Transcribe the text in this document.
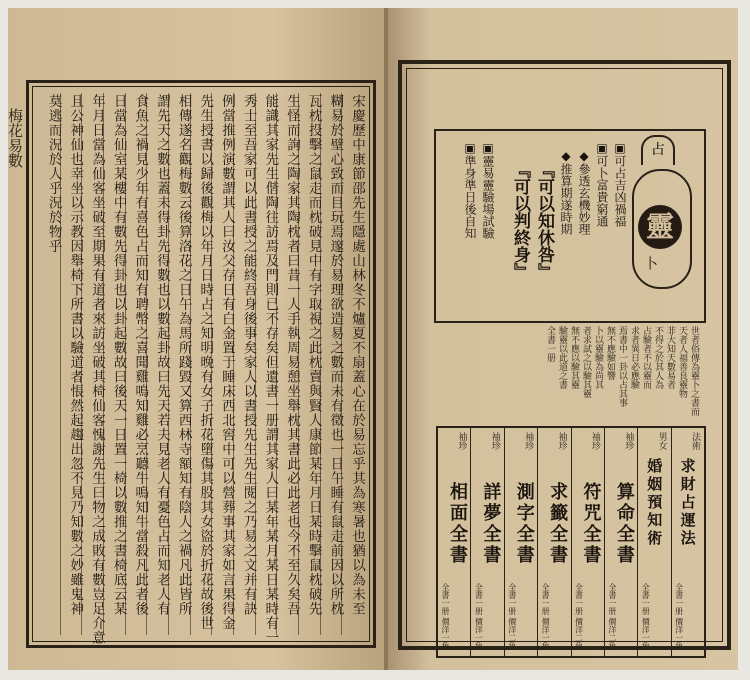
梅花易數	宋慶歷中康節邵先生隱處山林冬不爐夏不扇蓋心在於易忘乎其為寒暑也猶以為未至
糊易於壁心致而目玩焉邃於易理欲造易之數而未有徵也一日午睡有鼠走前因以所枕
瓦枕投擊之鼠走而枕破見中有字取視之此枕賣與賢人康節某年月日某時擊鼠枕破先
生怪而詢之陶家其陶枕者曰昔一人手執周易憩坐舉枕其書此必此老也今不至久矣吾
能識其家先生偕陶往訪焉及門則已不存矣但遺書一册謂其家人曰某年某月某日某時有一
秀士至吾家可以此書授之能終吾身後事矣家人以書授先生先生閱之乃易之文并有訣
例當推例演數謂其人曰汝父存日有白金置于睡床西北窖中可以營葬事其家如言果得金
先生授書以歸後觀梅以年月日時占之知明晚有女子折花墮傷其股其女盜於折花故後世
相傳遂名觀梅數云後算洛花之日午為馬所踐毀又算西林寺額知有陰人之禍凡此皆所
謂先天之數也蓋未得卦先得數也以數起卦故曰先天若夫見老人有憂色占而知老人有
食魚之禍見少年有喜色占而知有聘幣之喜聞雞鳴知雞必烹聽牛鳴知牛當殺凡此者後
日當為仙室某樓中有數先得卦也以卦起數故曰後天一日置一椅以數推之書椅底云某
年月日當為仙客坐破至期果有道者來訪坐破其椅仙客愧謝先生曰物之成敗有數豈足介意
且公神仙也幸坐以示教因舉椅下所書以驗道者悵然起趨出忽不見乃知數之妙雖鬼神
莫逃而況於人乎況於物乎	占
靈
卜
▣可占吉凶禍福
▣可卜富貴窮通
◆參透玄機妙理
◆推算期遂時期
『可以知休咎』
『可以判終身』
▣靈易靈驗場試驗
▣準身準日後自知
世者俗傳為靈卜之書而
天者人福善良靈物
非大知天數易者
不得之於其人為
占驗者不以靈而
求者異日必應驗
焉書中一卦以占其事
無不應驗如響
卜以靈驗為尚其
者求試之以驗其靈
無不應以驗其靈
驗靈以此道之書
全書一册
法術
求財占運法
全書一册 價洋一角
男女
婚姻預知術
全書一册 價洋一角
袖珍
算命全書
全書一册 價洋二角
袖珍
符咒全書
全書一册 價洋二角
袖珍
求籤全書
全書一册 價洋一角
袖珍
測字全書
全書一册 價洋二角
袖珍
詳夢全書
全書一册 價洋一角
袖珍
相面全書
全書一册 價洋一角
